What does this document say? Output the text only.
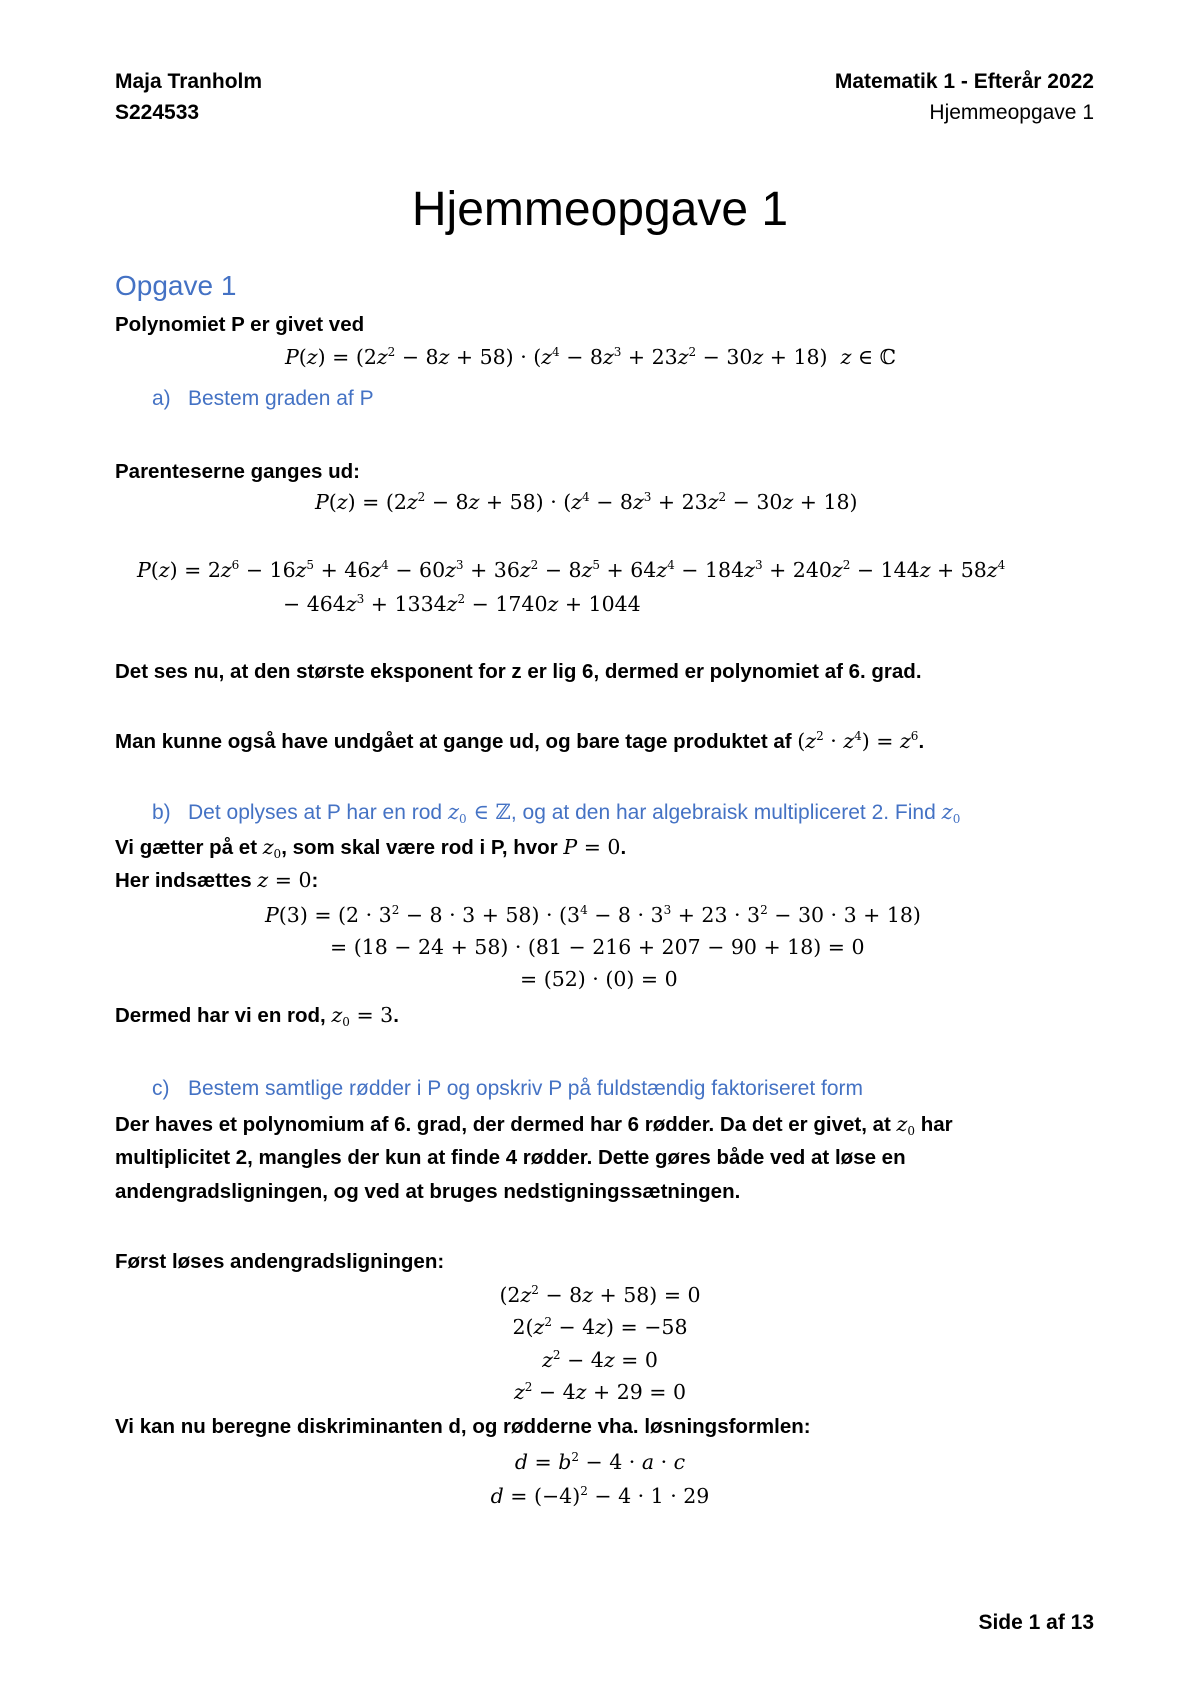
Maja Tranholm
S224533
Matematik 1 - Efterår 2022
Hjemmeopgave 1
Hjemmeopgave 1
Opgave 1
Polynomiet P er givet ved
$P(z) = (2z^2 - 8z + 58) \cdot (z^4 - 8z^3 + 23z^2 - 30z + 18)$  z ∈ ℂ
a) Bestem graden af P
Parenteserne ganges ud:
$P(z) = (2z^2 - 8z + 58) \cdot (z^4 - 8z^3 + 23z^2 - 30z + 18)$
$P(z) = 2z^6 - 16z^5 + 46z^4 - 60z^3 + 36z^2 - 8z^5 + 64z^4 - 184z^3 + 240z^2 - 144z + 58z^4$
− $464z^3 + 1334z^2 - 1740z + 1044$
Det ses nu, at den største eksponent for z er lig 6, dermed er polynomiet af 6. grad.
Man kunne også have undgået at gange ud, og bare tage produktet af $(z^2 \cdot z^4) = z^6$.
b) Det oplyses at P har en rod $z_0$ ∈ ℤ, og at den har algebraisk multipliceret 2. Find $z_0$
Vi gætter på et $z_0$, som skal være rod i P, hvor P = 0.
Her indsættes z = 0:
$P(3) = (2 \cdot 3^2 - 8 \cdot 3 + 58) \cdot (3^4 - 8 \cdot 3^3 + 23 \cdot 3^2 - 30 \cdot 3 + 18)$
= (18 − 24 + 58) · (81 − 216 + 207 − 90 + 18) = 0
= (52) · (0) = 0
Dermed har vi en rod, $z_0 = 3$.
c) Bestem samtlige rødder i P og opskriv P på fuldstændig faktoriseret form
Der haves et polynomium af 6. grad, der dermed har 6 rødder. Da det er givet, at $z_0$ har
multiplicitet 2, mangles der kun at finde 4 rødder. Dette gøres både ved at løse en
andengradsligningen, og ved at bruges nedstigningssætningen.
Først løses andengradsligningen:
$(2z^2 - 8z + 58) = 0$
$2(z^2 - 4z) = -58$
$z^2 - 4z = 0$
$z^2 - 4z + 29 = 0$
Vi kan nu beregne diskriminanten d, og rødderne vha. løsningsformlen:
$d = b^2 - 4 \cdot a \cdot c$
$d = (-4)^2 - 4 \cdot 1 \cdot 29$
Side 1 af 13
